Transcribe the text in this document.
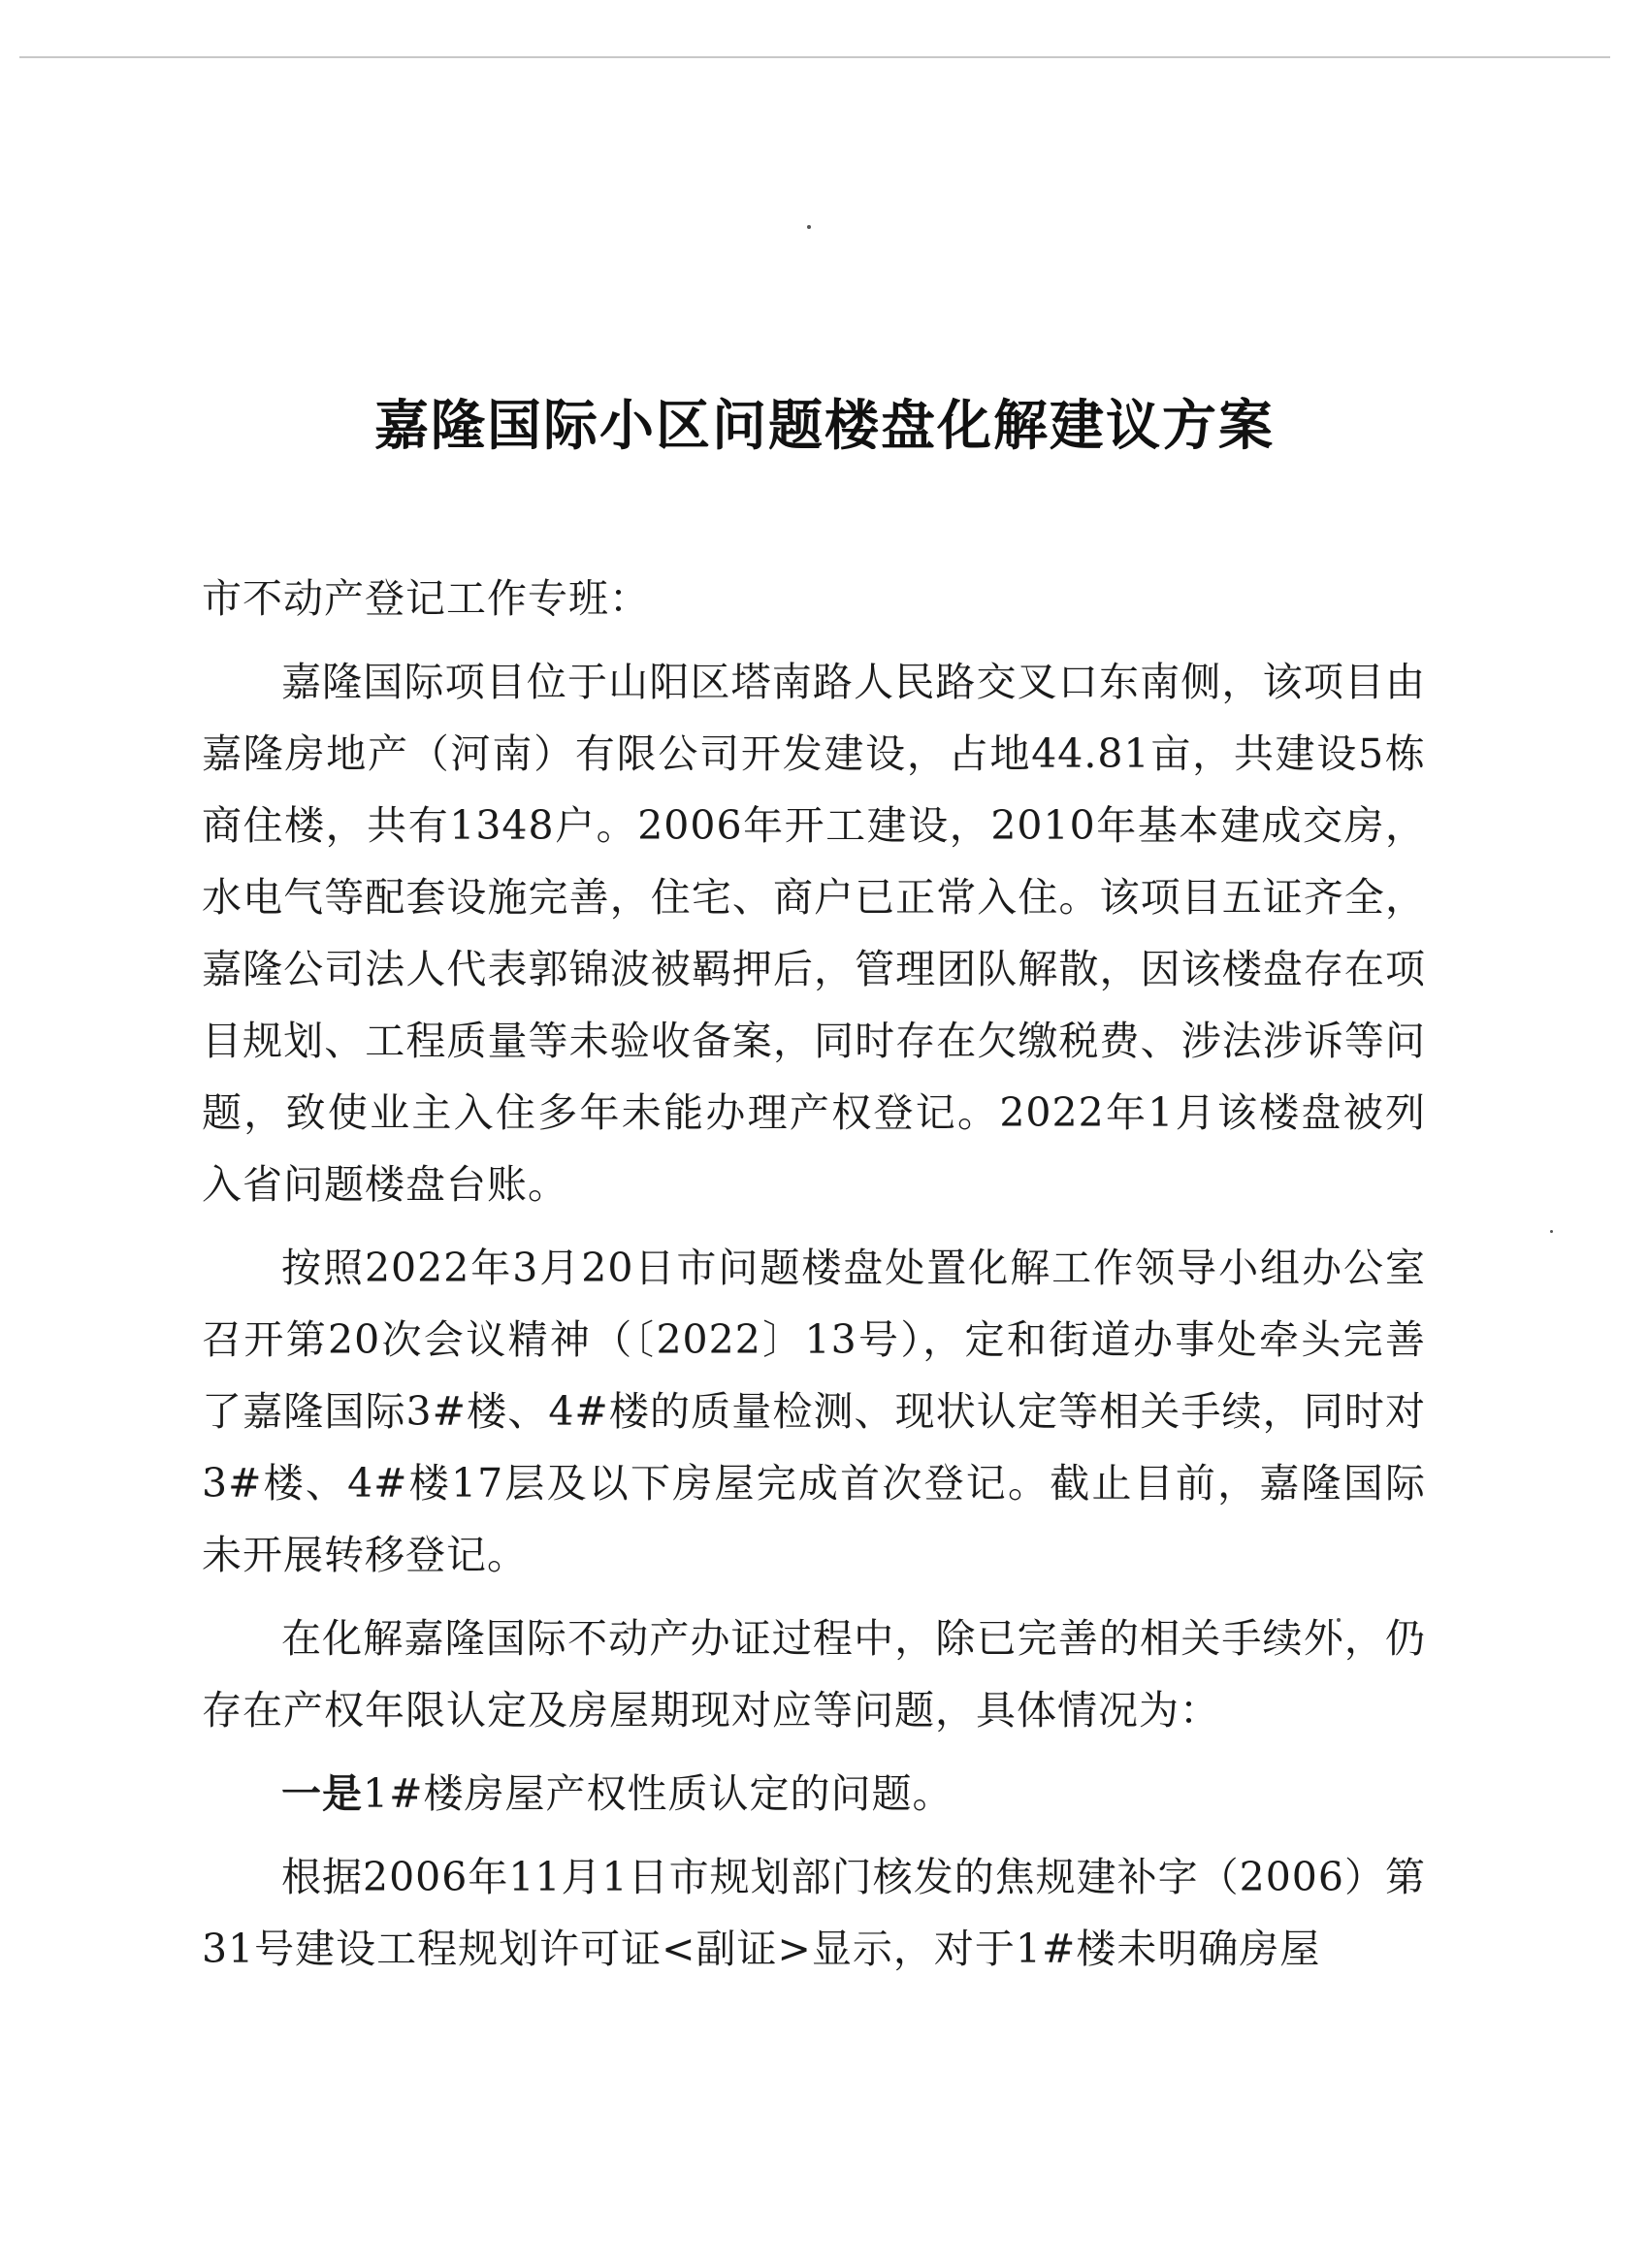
嘉隆国际小区问题楼盘化解建议方案

市不动产登记工作专班：

嘉隆国际项目位于山阳区塔南路人民路交叉口东南侧，该项目由嘉隆房地产（河南）有限公司开发建设，占地44.81亩，共建设5栋商住楼，共有1348户。2006年开工建设，2010年基本建成交房，水电气等配套设施完善，住宅、商户已正常入住。该项目五证齐全，嘉隆公司法人代表郭锦波被羁押后，管理团队解散，因该楼盘存在项目规划、工程质量等未验收备案，同时存在欠缴税费、涉法涉诉等问题，致使业主入住多年未能办理产权登记。2022年1月该楼盘被列入省问题楼盘台账。

按照2022年3月20日市问题楼盘处置化解工作领导小组办公室召开第20次会议精神（〔2022〕13号），定和街道办事处牵头完善了嘉隆国际3#楼、4#楼的质量检测、现状认定等相关手续，同时对3#楼、4#楼17层及以下房屋完成首次登记。截止目前，嘉隆国际未开展转移登记。

在化解嘉隆国际不动产办证过程中，除已完善的相关手续外，仍存在产权年限认定及房屋期现对应等问题，具体情况为：

一是1#楼房屋产权性质认定的问题。

根据2006年11月1日市规划部门核发的焦规建补字（2006）第31号建设工程规划许可证<副证>显示，对于1#楼未明确房屋
